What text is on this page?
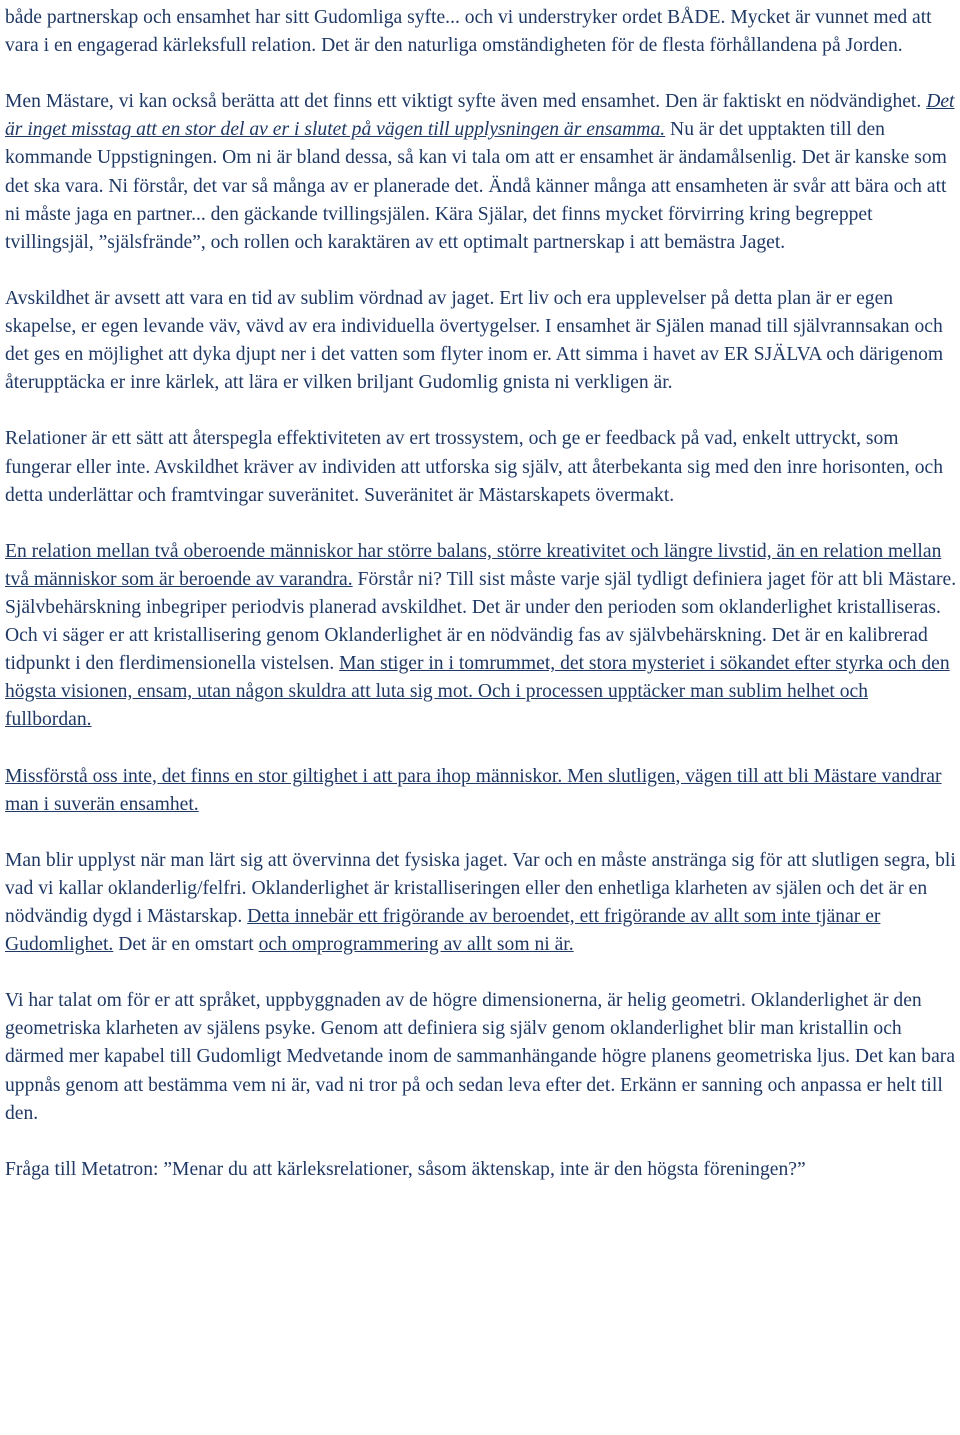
både partnerskap och ensamhet har sitt Gudomliga syfte... och vi understryker ordet BÅDE. Mycket är vunnet med att vara i en engagerad kärleksfull relation. Det är den naturliga omständigheten för de flesta förhållandena på Jorden.

Men Mästare, vi kan också berätta att det finns ett viktigt syfte även med ensamhet. Den är faktiskt en nödvändighet. Det är inget misstag att en stor del av er i slutet på vägen till upplysningen är ensamma. Nu är det upptakten till den kommande Uppstigningen. Om ni är bland dessa, så kan vi tala om att er ensamhet är ändamålsenlig. Det är kanske som det ska vara. Ni förstår, det var så många av er planerade det. Ändå känner många att ensamheten är svår att bära och att ni måste jaga en partner... den gäckande tvillingsjälen. Kära Själar, det finns mycket förvirring kring begreppet tvillingsjäl, ”själsfrände”, och rollen och karaktären av ett optimalt partnerskap i att bemästra Jaget.

Avskildhet är avsett att vara en tid av sublim vördnad av jaget. Ert liv och era upplevelser på detta plan är er egen skapelse, er egen levande väv, vävd av era individuella övertygelser. I ensamhet är Själen manad till självrannsakan och det ges en möjlighet att dyka djupt ner i det vatten som flyter inom er. Att simma i havet av ER SJÄLVA och därigenom återupptäcka er inre kärlek, att lära er vilken briljant Gudomlig gnista ni verkligen är.

Relationer är ett sätt att återspegla effektiviteten av ert trossystem, och ge er feedback på vad, enkelt uttryckt, som fungerar eller inte. Avskildhet kräver av individen att utforska sig själv, att återbekanta sig med den inre horisonten, och detta underlättar och framtvingar suveränitet. Suveränitet är Mästarskapets övermakt.

En relation mellan två oberoende människor har större balans, större kreativitet och längre livstid, än en relation mellan två människor som är beroende av varandra. Förstår ni? Till sist måste varje själ tydligt definiera jaget för att bli Mästare. Självbehärskning inbegriper periodvis planerad avskildhet. Det är under den perioden som oklanderlighet kristalliseras. Och vi säger er att kristallisering genom Oklanderlighet är en nödvändig fas av självbehärskning. Det är en kalibrerad tidpunkt i den flerdimensionella vistelsen. Man stiger in i tomrummet, det stora mysteriet i sökandet efter styrka och den högsta visionen, ensam, utan någon skuldra att luta sig mot. Och i processen upptäcker man sublim helhet och fullbordan.

Missförstå oss inte, det finns en stor giltighet i att para ihop människor. Men slutligen, vägen till att bli Mästare vandrar man i suverän ensamhet.

Man blir upplyst när man lärt sig att övervinna det fysiska jaget. Var och en måste anstränga sig för att slutligen segra, bli vad vi kallar oklanderlig/felfri. Oklanderlighet är kristalliseringen eller den enhetliga klarheten av själen och det är en nödvändig dygd i Mästarskap. Detta innebär ett frigörande av beroendet, ett frigörande av allt som inte tjänar er Gudomlighet. Det är en omstart och omprogrammering av allt som ni är.

Vi har talat om för er att språket, uppbyggnaden av de högre dimensionerna, är helig geometri. Oklanderlighet är den geometriska klarheten av själens psyke. Genom att definiera sig själv genom oklanderlighet blir man kristallin och därmed mer kapabel till Gudomligt Medvetande inom de sammanhängande högre planens geometriska ljus. Det kan bara uppnås genom att bestämma vem ni är, vad ni tror på och sedan leva efter det. Erkänn er sanning och anpassa er helt till den.

Fråga till Metatron: ”Menar du att kärleksrelationer, såsom äktenskap, inte är den högsta föreningen?”
